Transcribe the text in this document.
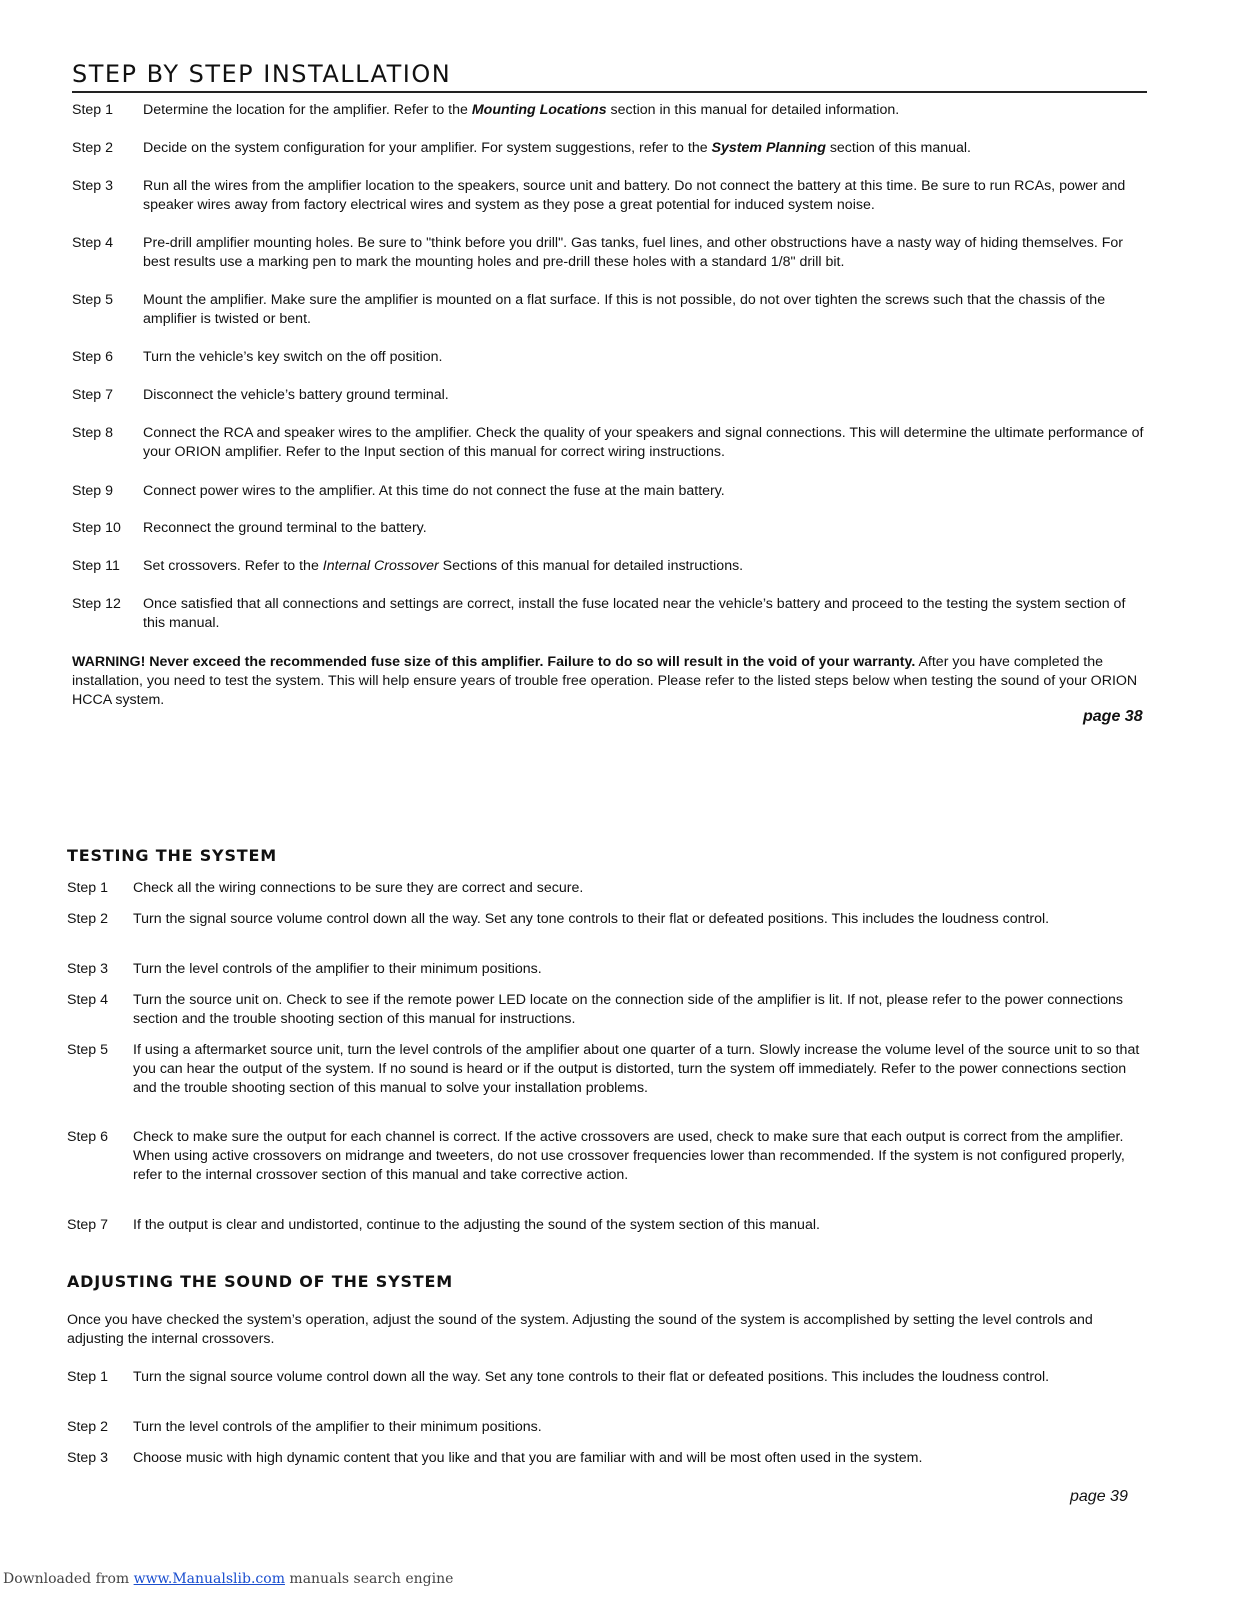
STEP BY STEP INSTALLATION
Step 1 Determine the location for the amplifier. Refer to the Mounting Locations section in this manual for detailed information.
Step 2 Decide on the system configuration for your amplifier. For system suggestions, refer to the System Planning section of this manual.
Step 3 Run all the wires from the amplifier location to the speakers, source unit and battery. Do not connect the battery at this time. Be sure to run RCAs, power and speaker wires away from factory electrical wires and system as they pose a great potential for induced system noise.
Step 4 Pre-drill amplifier mounting holes. Be sure to "think before you drill". Gas tanks, fuel lines, and other obstructions have a nasty way of hiding themselves. For best results use a marking pen to mark the mounting holes and pre-drill these holes with a standard 1/8" drill bit.
Step 5 Mount the amplifier. Make sure the amplifier is mounted on a flat surface. If this is not possible, do not over tighten the screws such that the chassis of the amplifier is twisted or bent.
Step 6 Turn the vehicle’s key switch on the off position.
Step 7 Disconnect the vehicle’s battery ground terminal.
Step 8 Connect the RCA and speaker wires to the amplifier. Check the quality of your speakers and signal connections. This will determine the ultimate performance of your ORION amplifier. Refer to the Input section of this manual for correct wiring instructions.
Step 9 Connect power wires to the amplifier. At this time do not connect the fuse at the main battery.
Step 10 Reconnect the ground terminal to the battery.
Step 11 Set crossovers. Refer to the Internal Crossover Sections of this manual for detailed instructions.
Step 12 Once satisfied that all connections and settings are correct, install the fuse located near the vehicle’s battery and proceed to the testing the system section of this manual.
WARNING! Never exceed the recommended fuse size of this amplifier. Failure to do so will result in the void of your warranty. After you have completed the installation, you need to test the system. This will help ensure years of trouble free operation. Please refer to the listed steps below when testing the sound of your ORION HCCA system.
page 38
TESTING THE SYSTEM
Step 1 Check all the wiring connections to be sure they are correct and secure.
Step 2 Turn the signal source volume control down all the way. Set any tone controls to their flat or defeated positions. This includes the loudness control.
Step 3 Turn the level controls of the amplifier to their minimum positions.
Step 4 Turn the source unit on. Check to see if the remote power LED locate on the connection side of the amplifier is lit. If not, please refer to the power connections section and the trouble shooting section of this manual for instructions.
Step 5 If using a aftermarket source unit, turn the level controls of the amplifier about one quarter of a turn. Slowly increase the volume level of the source unit to so that you can hear the output of the system. If no sound is heard or if the output is distorted, turn the system off immediately. Refer to the power connections section and the trouble shooting section of this manual to solve your installation problems.
Step 6 Check to make sure the output for each channel is correct. If the active crossovers are used, check to make sure that each output is correct from the amplifier. When using active crossovers on midrange and tweeters, do not use crossover frequencies lower than recommended. If the system is not configured properly, refer to the internal crossover section of this manual and take corrective action.
Step 7 If the output is clear and undistorted, continue to the adjusting the sound of the system section of this manual.
ADJUSTING THE SOUND OF THE SYSTEM
Once you have checked the system’s operation, adjust the sound of the system. Adjusting the sound of the system is accomplished by setting the level controls and adjusting the internal crossovers.
Step 1 Turn the signal source volume control down all the way. Set any tone controls to their flat or defeated positions. This includes the loudness control.
Step 2 Turn the level controls of the amplifier to their minimum positions.
Step 3 Choose music with high dynamic content that you like and that you are familiar with and will be most often used in the system.
page 39
Downloaded from www.Manualslib.com manuals search engine
